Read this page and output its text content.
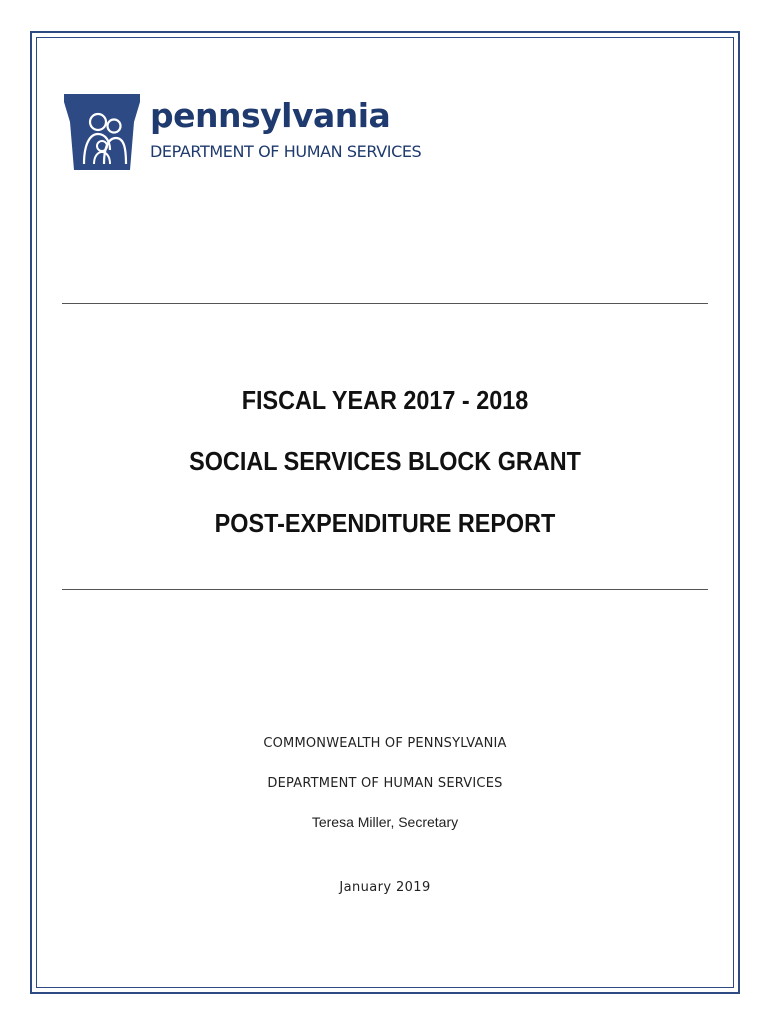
pennsylvania
DEPARTMENT OF HUMAN SERVICES
FISCAL YEAR 2017 - 2018
SOCIAL SERVICES BLOCK GRANT
POST-EXPENDITURE REPORT
COMMONWEALTH OF PENNSYLVANIA
DEPARTMENT OF HUMAN SERVICES
Teresa Miller, Secretary
January 2019
